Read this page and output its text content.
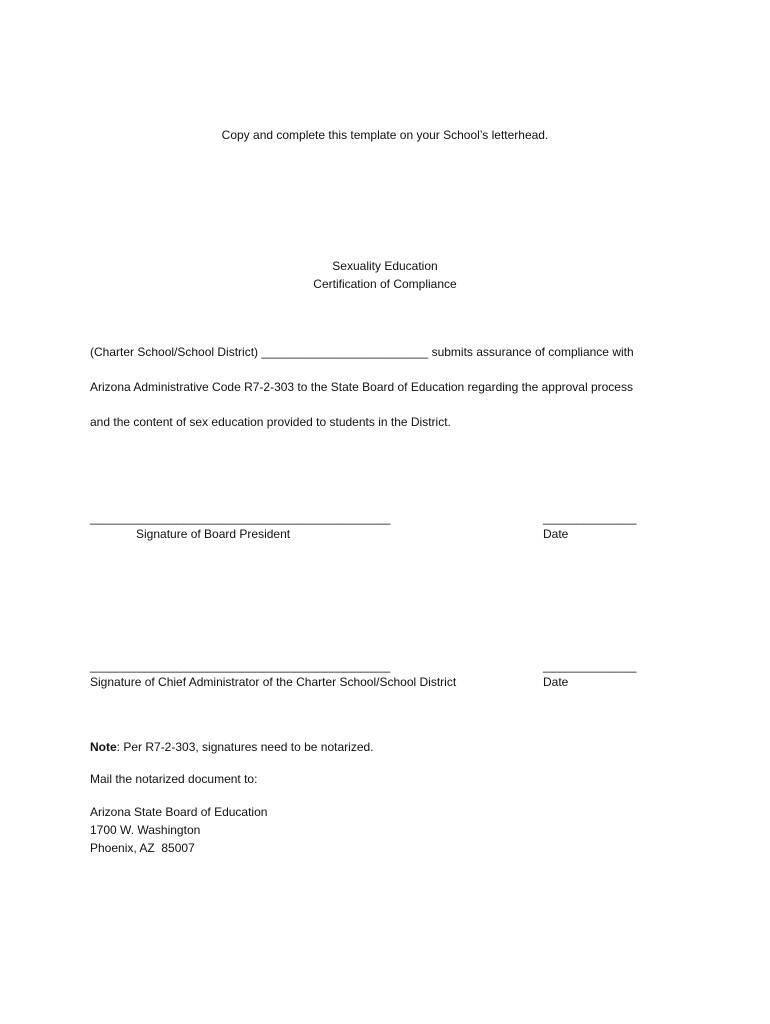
Copy and complete this template on your School’s letterhead.
Sexuality Education
Certification of Compliance
(Charter School/School District) _________________________ submits assurance of compliance with
Arizona Administrative Code R7-2-303 to the State Board of Education regarding the approval process
and the content of sex education provided to students in the District.
_____________________________________________
Signature of Board President
______________
Date
_____________________________________________
Signature of Chief Administrator of the Charter School/School District
______________
Date
Note: Per R7-2-303, signatures need to be notarized.
Mail the notarized document to:
Arizona State Board of Education
1700 W. Washington
Phoenix, AZ  85007
